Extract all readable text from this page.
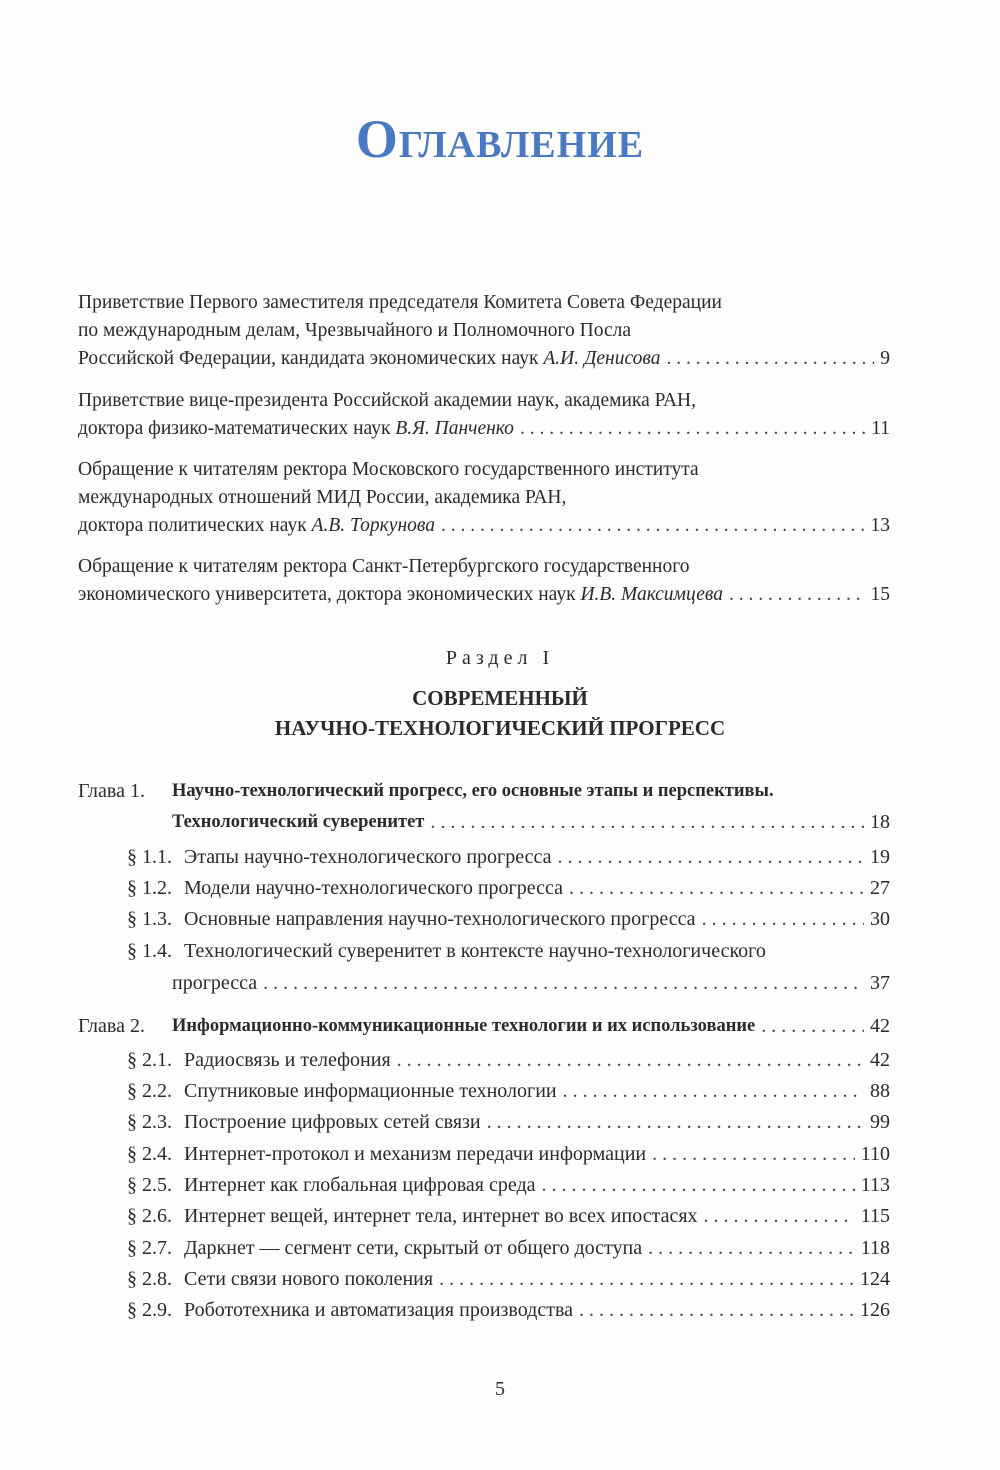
Оглавление
Приветствие Первого заместителя председателя Комитета Совета Федерации
по международным делам, Чрезвычайного и Полномочного Посла
Российской Федерации, кандидата экономических наук А.И. Денисова . . .	9
Приветствие вице-президента Российской академии наук, академика РАН,
доктора физико-математических наук В.Я. Панченко . . .	11
Обращение к читателям ректора Московского государственного института
международных отношений МИД России, академика РАН,
доктора политических наук А.В. Торкунова . . .	13
Обращение к читателям ректора Санкт-Петербургского государственного
экономического университета, доктора экономических наук И.В. Максимцева . . .	15
Раздел I
СОВРЕМЕННЫЙ
НАУЧНО-ТЕХНОЛОГИЧЕСКИЙ ПРОГРЕСС
Глава 1.	Научно-технологический прогресс, его основные этапы и перспективы.
Технологический суверенитет . . .	18
§ 1.1. Этапы научно-технологического прогресса . . .	19
§ 1.2. Модели научно-технологического прогресса . . .	27
§ 1.3. Основные направления научно-технологического прогресса . . .	30
§ 1.4. Технологический суверенитет в контексте научно-технологического
прогресса . . .	37
Глава 2.	Информационно-коммуникационные технологии и их использование . . .	42
§ 2.1. Радиосвязь и телефония . . .	42
§ 2.2. Спутниковые информационные технологии . . .	88
§ 2.3. Построение цифровых сетей связи . . .	99
§ 2.4. Интернет-протокол и механизм передачи информации . . .	110
§ 2.5. Интернет как глобальная цифровая среда . . .	113
§ 2.6. Интернет вещей, интернет тела, интернет во всех ипостасях . . .	115
§ 2.7. Даркнет — сегмент сети, скрытый от общего доступа . . .	118
§ 2.8. Сети связи нового поколения . . .	124
§ 2.9. Робототехника и автоматизация производства . . .	126
5
